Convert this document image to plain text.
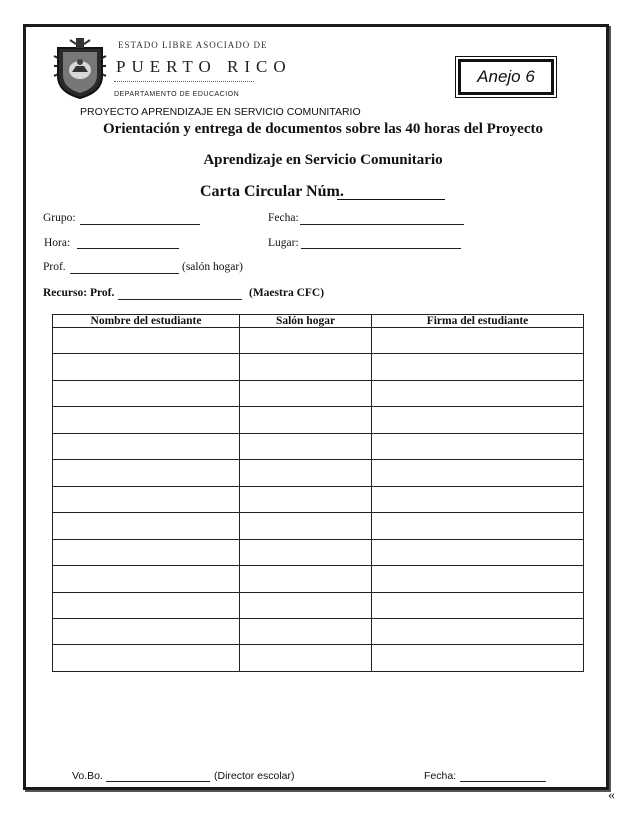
ESTADO LIBRE ASOCIADO DE
PUERTO RICO
DEPARTAMENTO DE EDUCACION
Anejo 6
PROYECTO APRENDIZAJE EN SERVICIO COMUNITARIO
Orientación y entrega de documentos sobre las 40 horas del Proyecto
Aprendizaje en Servicio Comunitario
Carta Circular Núm.
Grupo:	Fecha:
Hora:	Lugar:
Prof.	(salón hogar)
Recurso: Prof.	(Maestra CFC)
Nombre del estudiante	Salón hogar	Firma del estudiante

Vo.Bo.	(Director escolar)	Fecha:
«
